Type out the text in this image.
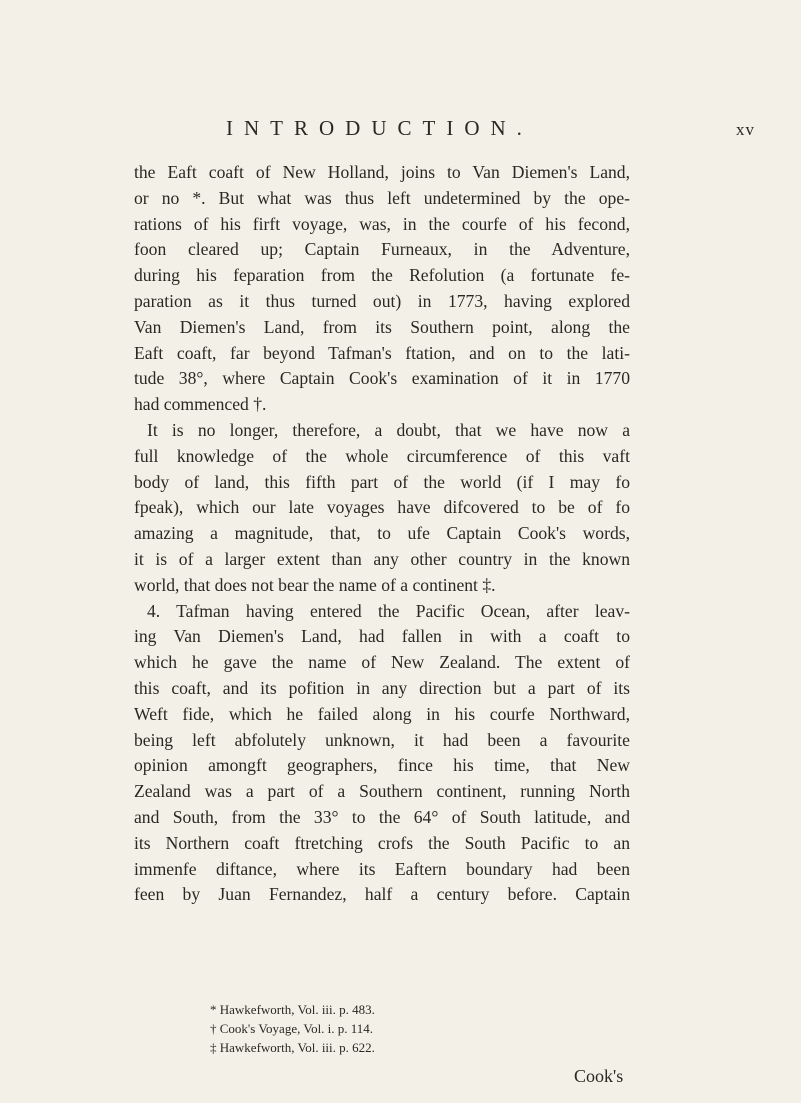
INTRODUCTION.	xv
the Eaft coaft of New Holland, joins to Van Diemen's Land,
or no *. But what was thus left undetermined by the ope-
rations of his firft voyage, was, in the courfe of his fecond,
foon cleared up; Captain Furneaux, in the Adventure,
during his feparation from the Refolution (a fortunate fe-
paration as it thus turned out) in 1773, having explored
Van Diemen's Land, from its Southern point, along the
Eaft coaft, far beyond Tafman's ftation, and on to the lati-
tude 38°, where Captain Cook's examination of it in 1770
had commenced †.
It is no longer, therefore, a doubt, that we have now a
full knowledge of the whole circumference of this vaft
body of land, this fifth part of the world (if I may fo
fpeak), which our late voyages have difcovered to be of fo
amazing a magnitude, that, to ufe Captain Cook's words,
it is of a larger extent than any other country in the known
world, that does not bear the name of a continent ‡.
4. Tafman having entered the Pacific Ocean, after leav-
ing Van Diemen's Land, had fallen in with a coaft to
which he gave the name of New Zealand. The extent of
this coaft, and its pofition in any direction but a part of its
Weft fide, which he failed along in his courfe Northward,
being left abfolutely unknown, it had been a favourite
opinion amongft geographers, fince his time, that New
Zealand was a part of a Southern continent, running North
and South, from the 33° to the 64° of South latitude, and
its Northern coaft ftretching crofs the South Pacific to an
immenfe diftance, where its Eaftern boundary had been
feen by Juan Fernandez, half a century before. Captain
* Hawkefworth, Vol. iii. p. 483.
† Cook's Voyage, Vol. i. p. 114.
‡ Hawkefworth, Vol. iii. p. 622.
Cook's
